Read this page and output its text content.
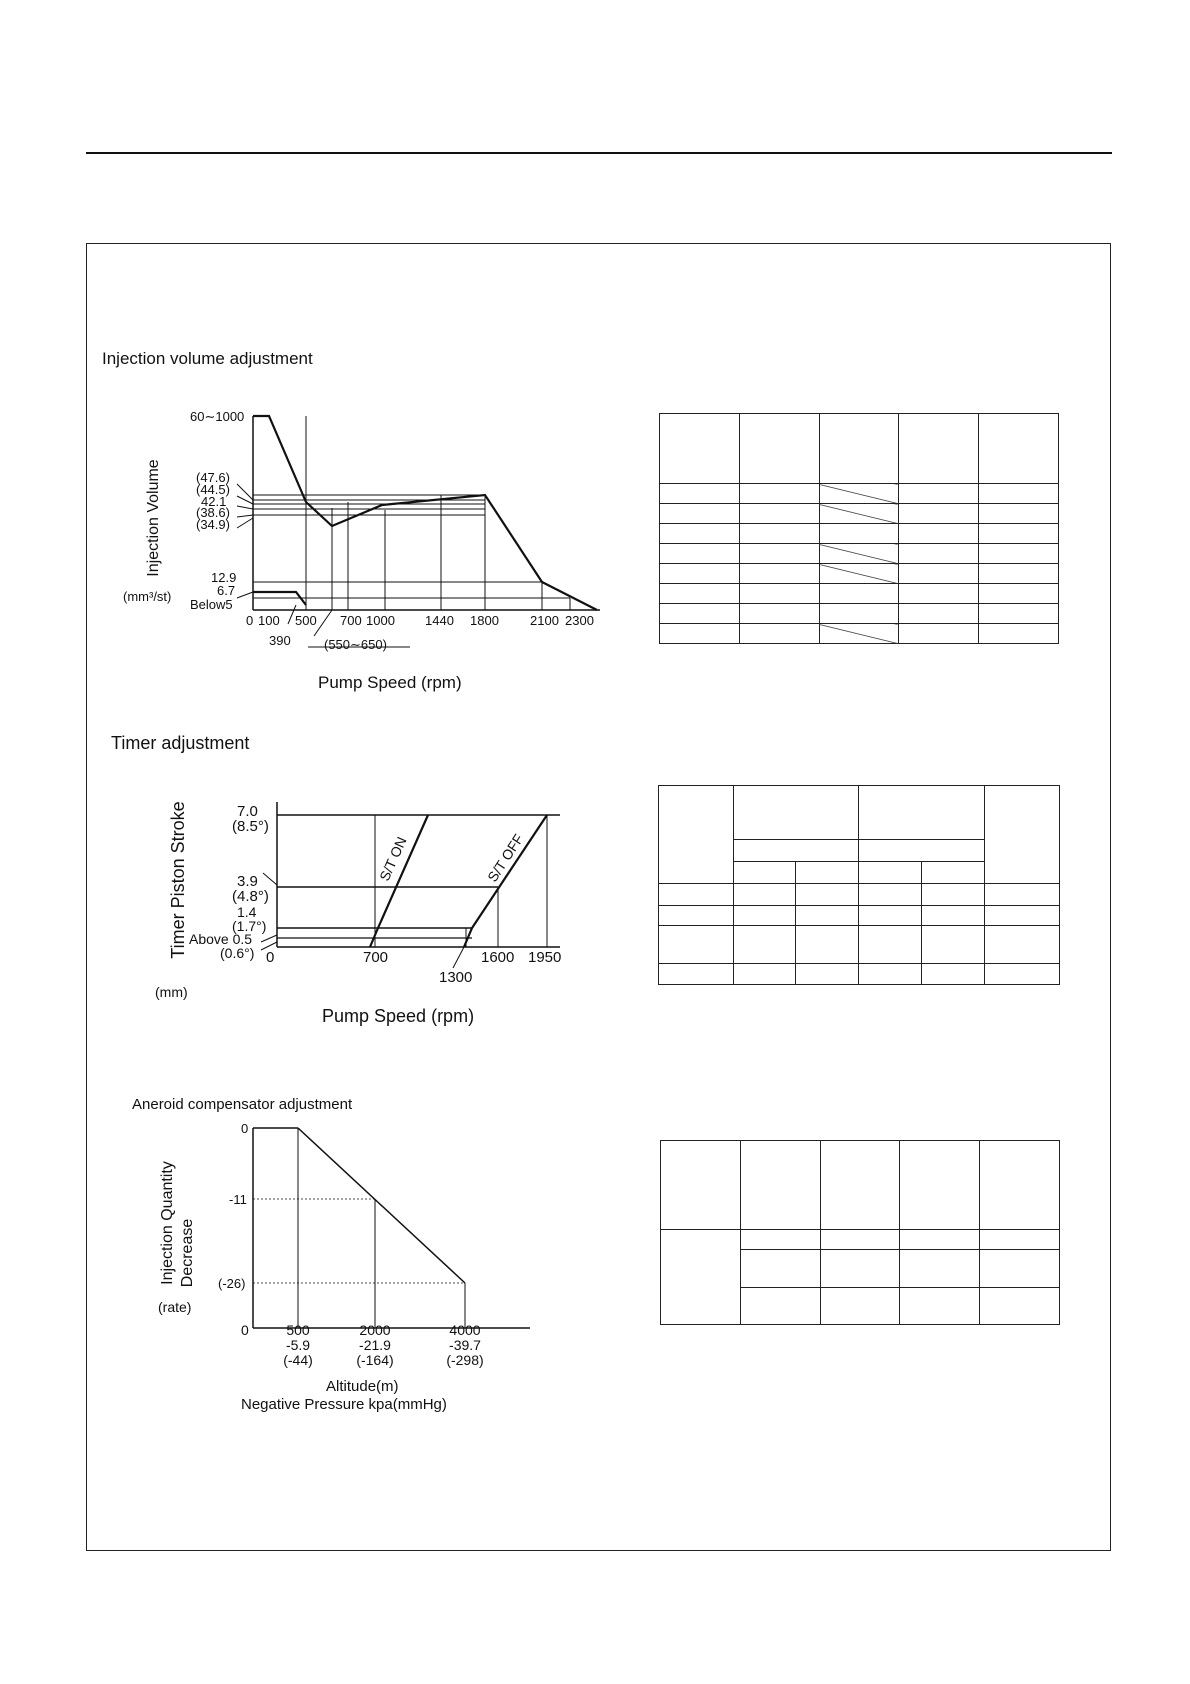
Injection volume adjustment
60∼1000
(47.6)
(44.5)
42.1
(38.6)
(34.9)
12.9
6.7
Below5
Injection Volume
(mm³/st)
0 100 500 700 1000 1440 1800 2100 2300
390	(550∼650)
Pump Speed (rpm)

Timer adjustment
7.0
(8.5°)
3.9
(4.8°)
1.4
(1.7°)
Above 0.5
(0.6°)
Timer Piston Stroke
(mm)
0	700	1600 1950
1300
S/T ON	S/T OFF
Pump Speed (rpm)

Aneroid compensator adjustment
0
-11
(-26)
Injection Quantity Decrease
(rate)
0	500	2000	4000
-5.9	-21.9	-39.7
(-44)	(-164)	(-298)
Altitude(m)
Negative Pressure kpa(mmHg)
